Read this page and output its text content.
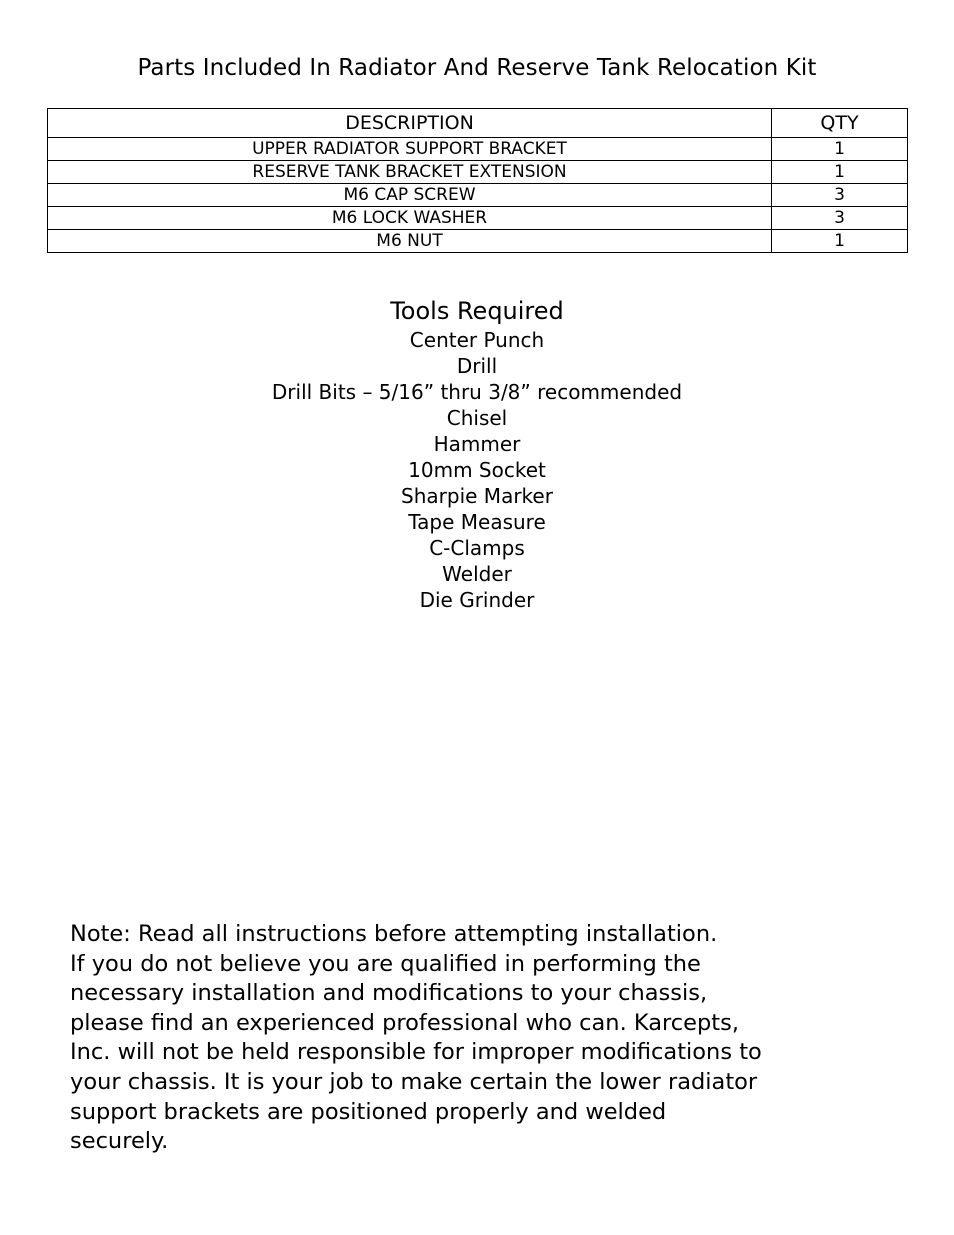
Parts Included In Radiator And Reserve Tank Relocation Kit
DESCRIPTION	QTY
UPPER RADIATOR SUPPORT BRACKET	1
RESERVE TANK BRACKET EXTENSION	1
M6 CAP SCREW	3
M6 LOCK WASHER	3
M6 NUT	1
Tools Required
Center Punch
Drill
Drill Bits – 5/16” thru 3/8” recommended
Chisel
Hammer
10mm Socket
Sharpie Marker
Tape Measure
C-Clamps
Welder
Die Grinder
Note: Read all instructions before attempting installation.
If you do not believe you are qualified in performing the
necessary installation and modifications to your chassis,
please find an experienced professional who can. Karcepts,
Inc. will not be held responsible for improper modifications to
your chassis. It is your job to make certain the lower radiator
support brackets are positioned properly and welded
securely.
